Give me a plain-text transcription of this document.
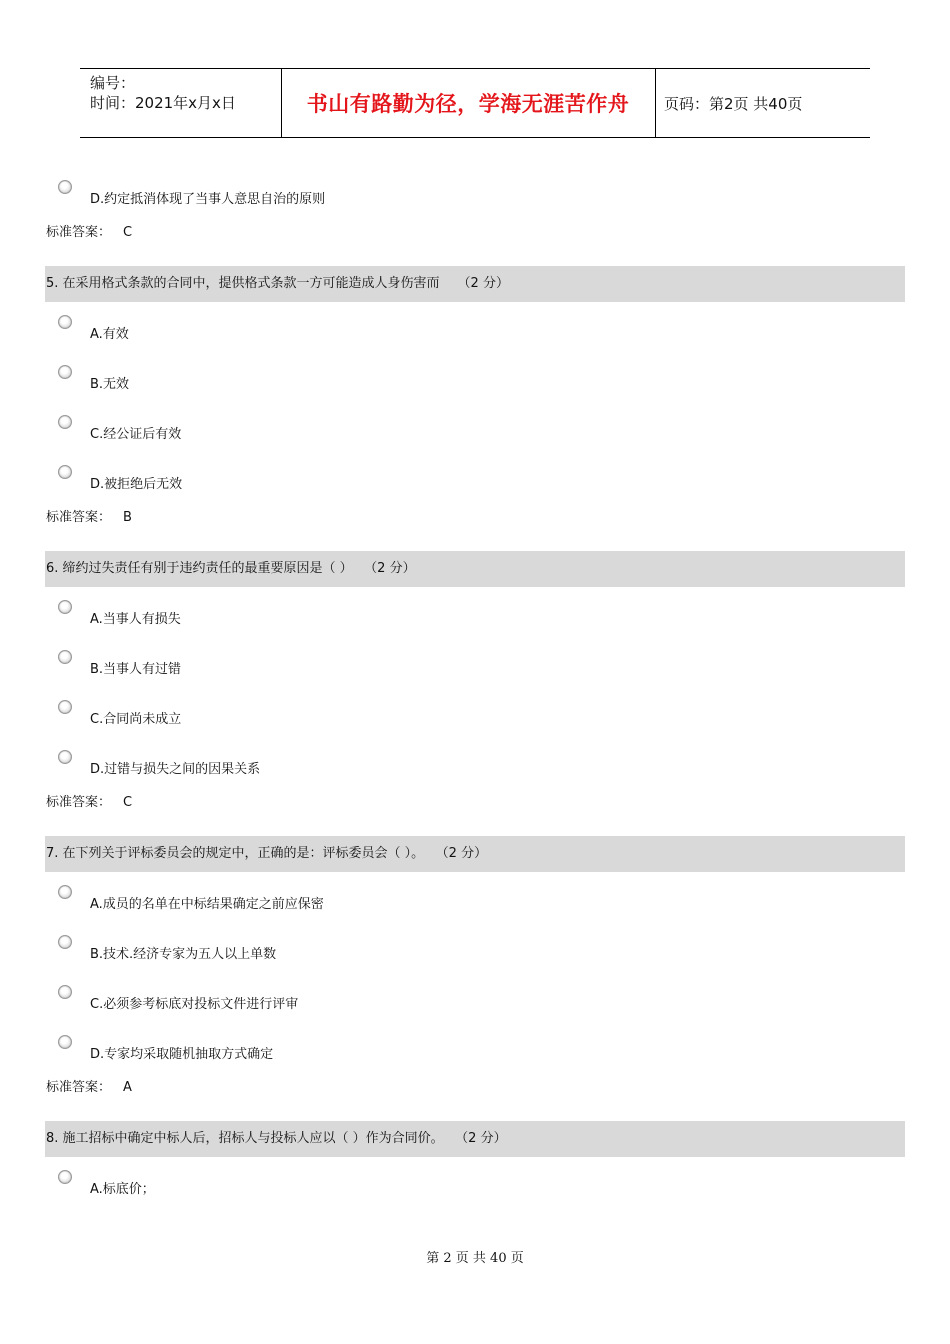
编号：
时间：2021年x月x日	书山有路勤为径，学海无涯苦作舟	页码：第2页 共40页
D.约定抵消体现了当事人意思自治的原则
标准答案： C
5. 在采用格式条款的合同中，提供格式条款一方可能造成人身伤害而 （2 分）
A.有效
B.无效
C.经公证后有效
D.被拒绝后无效
标准答案： B
6. 缔约过失责任有别于违约责任的最重要原因是（ ） （2 分）
A.当事人有损失
B.当事人有过错
C.合同尚未成立
D.过错与损失之间的因果关系
标准答案： C
7. 在下列关于评标委员会的规定中，正确的是：评标委员会（ ）。 （2 分）
A.成员的名单在中标结果确定之前应保密
B.技术.经济专家为五人以上单数
C.必须参考标底对投标文件进行评审
D.专家均采取随机抽取方式确定
标准答案： A
8. 施工招标中确定中标人后，招标人与投标人应以（ ）作为合同价。 （2 分）
A.标底价；
第 2 页 共 40 页
